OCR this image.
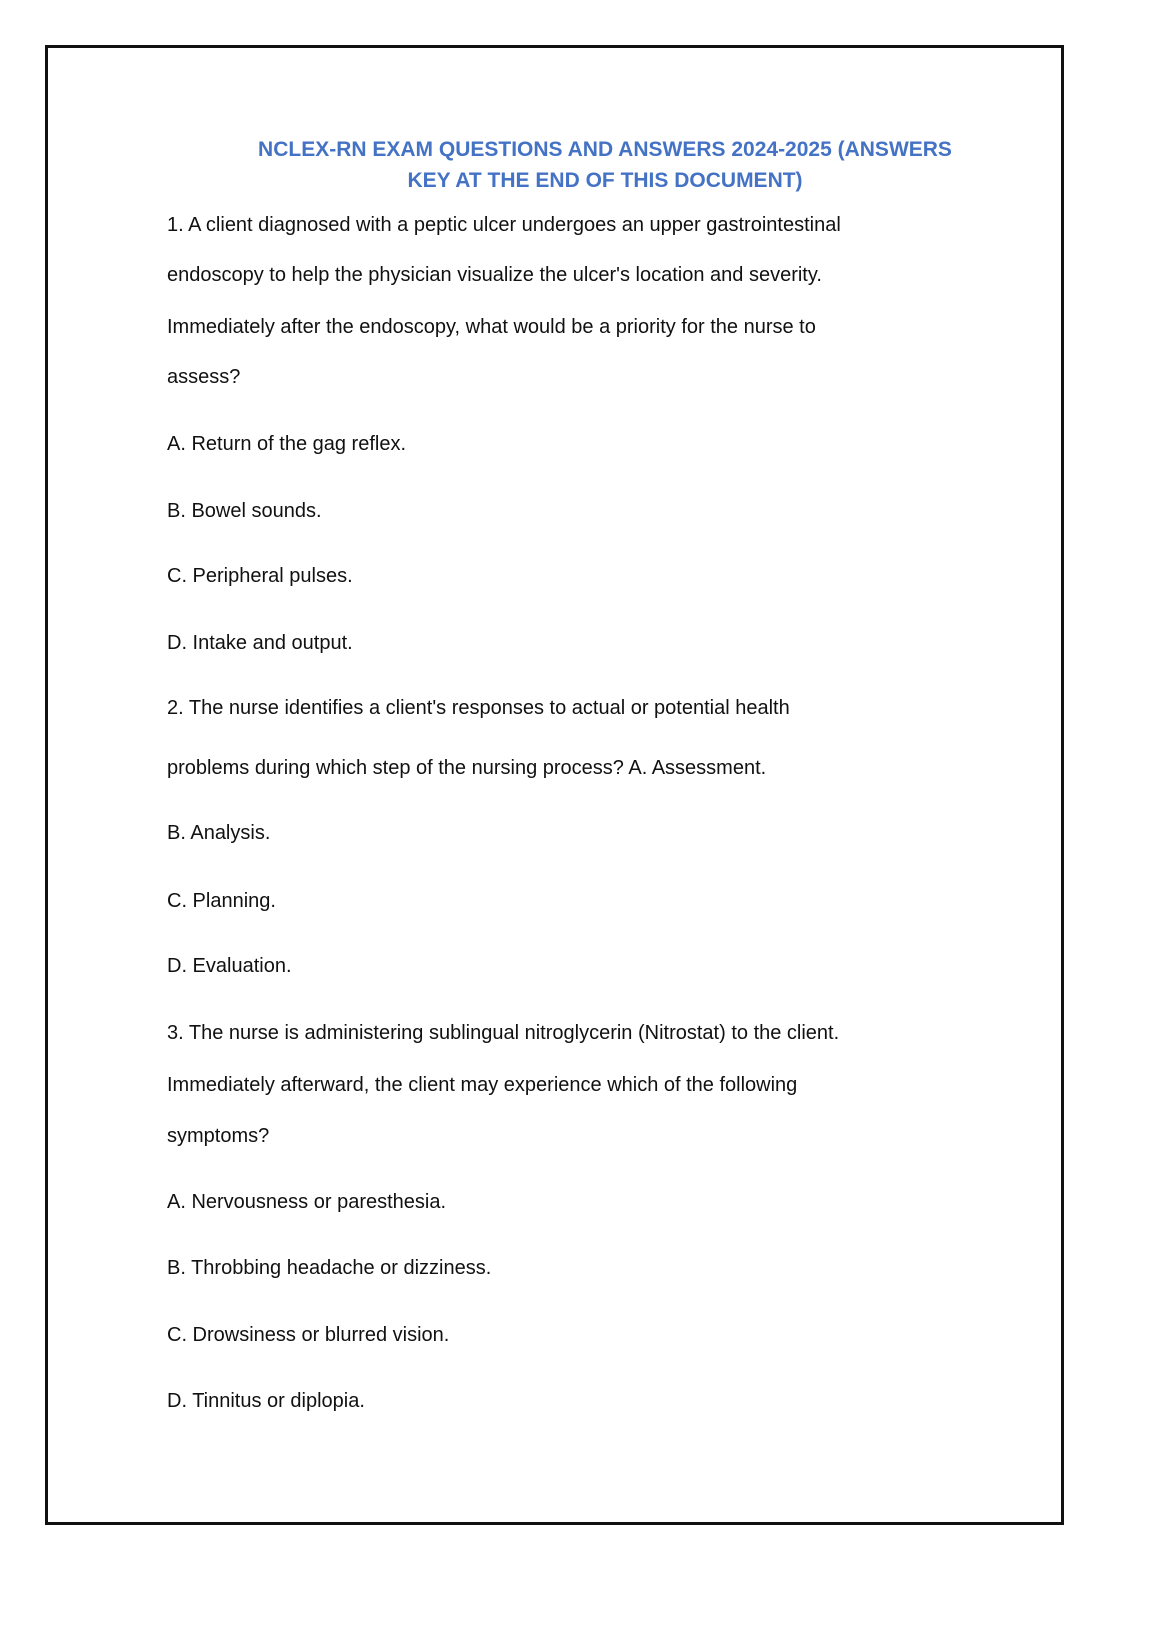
NCLEX-RN EXAM QUESTIONS AND ANSWERS 2024-2025 (ANSWERS
KEY AT THE END OF THIS DOCUMENT)
1. A client diagnosed with a peptic ulcer undergoes an upper gastrointestinal
endoscopy to help the physician visualize the ulcer's location and severity.
Immediately after the endoscopy, what would be a priority for the nurse to
assess?
A. Return of the gag reflex.
B. Bowel sounds.
C. Peripheral pulses.
D. Intake and output.
2. The nurse identifies a client's responses to actual or potential health
problems during which step of the nursing process? A. Assessment.
B. Analysis.
C. Planning.
D. Evaluation.
3. The nurse is administering sublingual nitroglycerin (Nitrostat) to the client.
Immediately afterward, the client may experience which of the following
symptoms?
A. Nervousness or paresthesia.
B. Throbbing headache or dizziness.
C. Drowsiness or blurred vision.
D. Tinnitus or diplopia.
